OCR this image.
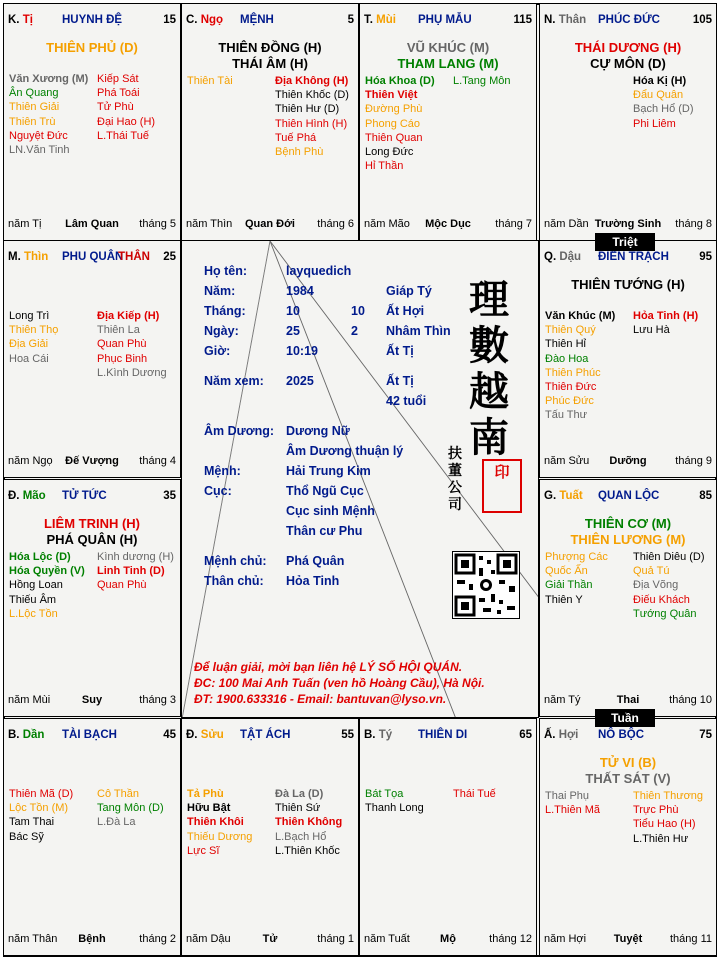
K. Tị	HUYNH ĐỆ	15
THIÊN PHỦ (D)
Văn Xương (M)
Ân Quang
Thiên Giải
Thiên Trù
Nguyệt Đức
LN.Văn Tinh
Kiếp Sát
Phá Toái
Tử Phù
Đại Hao (H)
L.Thái Tuế
năm Tị	Lâm Quan	tháng 5
C. Ngọ MỆNH	5
THIÊN ĐỒNG (H)
THÁI ÂM (H)
Thiên Tài	Địa Không (H)
Thiên Khốc (D)
Thiên Hư (D)
Thiên Hình (H)
Tuế Phá
Bệnh Phù
năm Thìn	Quan Đới	tháng 6
T. Mùi PHỤ MẪU	115
VŨ KHÚC (M)
THAM LANG (M)
Hóa Khoa (D)
Thiên Việt
Đường Phù
Phong Cáo
Thiên Quan
Long Đức
Hỉ Thần
L.Tang Môn
năm Mão	Mộc Dục	tháng 7
N. Thân PHÚC ĐỨC	105
THÁI DƯƠNG (H)
CỰ MÔN (D)
Hóa Kị (H)
Đẩu Quân
Bạch Hổ (D)
Phi Liêm
năm Dần Trường Sinh	tháng 8
M. Thìn PHU QUÂN
THÂN 25
Long Trì
Thiên Thọ
Địa Giải
Hoa Cái
Địa Kiếp (H)
Thiên La
Quan Phù
Phục Binh
L.Kình Dương
năm Ngọ	Đế Vượng	tháng 4
Q. Dậu ĐIỀN TRẠCH	95
THIÊN TƯỚNG (H)
Văn Khúc (M)
Thiên Quý
Thiên Hỉ
Đào Hoa
Thiên Phúc
Thiên Đức
Phúc Đức
Tấu Thư
Hỏa Tinh (H)
Lưu Hà
năm Sửu	Dưỡng	tháng 9
Đ. Mão TỬ TỨC	35
LIÊM TRINH (H)
PHÁ QUÂN (H)
Hóa Lộc (D)
Hóa Quyền (V)
Hồng Loan
Thiếu Âm
L.Lộc Tồn
Kình dương (H)
Linh Tinh (D)
Quan Phù
năm Mùi	Suy	tháng 3
G. Tuất QUAN LỘC	85
THIÊN CƠ (M)
THIÊN LƯƠNG (M)
Phượng Các
Quốc Ấn
Giải Thần
Thiên Y
Thiên Diêu (D)
Quả Tú
Địa Võng
Điếu Khách
Tướng Quân
năm Tý	Thai	tháng 10
B. Dần TÀI BẠCH	45
Thiên Mã (D)
Lộc Tồn (M)
Tam Thai
Bác Sỹ
Cô Thần
Tang Môn (D)
L.Đà La
năm Thân	Bệnh	tháng 2
Đ. Sửu TẬT ÁCH	55
Tả Phù
Hữu Bật
Thiên Khôi
Thiếu Dương
Lực Sĩ
Đà La (D)
Thiên Sứ
Thiên Không
L.Bạch Hổ
L.Thiên Khốc
năm Dậu	Tử	tháng 1
B. Tý THIÊN DI	65
Bát Tọa
Thanh Long
Thái Tuế
năm Tuất	Mộ	tháng 12
Ấ. Hợi NÔ BỘC	75
TỬ VI (B)
THẤT SÁT (V)
Thai Phụ
L.Thiên Mã
Thiên Thương
Trực Phù
Tiểu Hao (H)
L.Thiên Hư
năm Hợi	Tuyệt	tháng 11
Họ tên:	layquedich
Năm:	1984	Giáp Tý
Tháng:	10	10 Ất Hợi
Ngày:	25	2 Nhâm Thìn
Giờ:	10:19	Ất Tị
Năm xem: 2025	Ất Tị
42 tuổi
Âm Dương: Dương Nữ
Âm Dương thuận lý
Mệnh:	Hải Trung Kim
Cục:	Thổ Ngũ Cục
Cục sinh Mệnh
Thân cư Phu
Mệnh chủ: Phá Quân
Thân chủ: Hỏa Tinh
理
數
越
南
扶
董
公
司
印
Để luận giải, mời bạn liên hệ LÝ SỐ HỘI QUÁN.
ĐC: 100 Mai Anh Tuấn (ven hồ Hoàng Cầu), Hà Nội.
ĐT: 1900.633316 - Email: bantuvan@lyso.vn.
Triệt
Tuần
